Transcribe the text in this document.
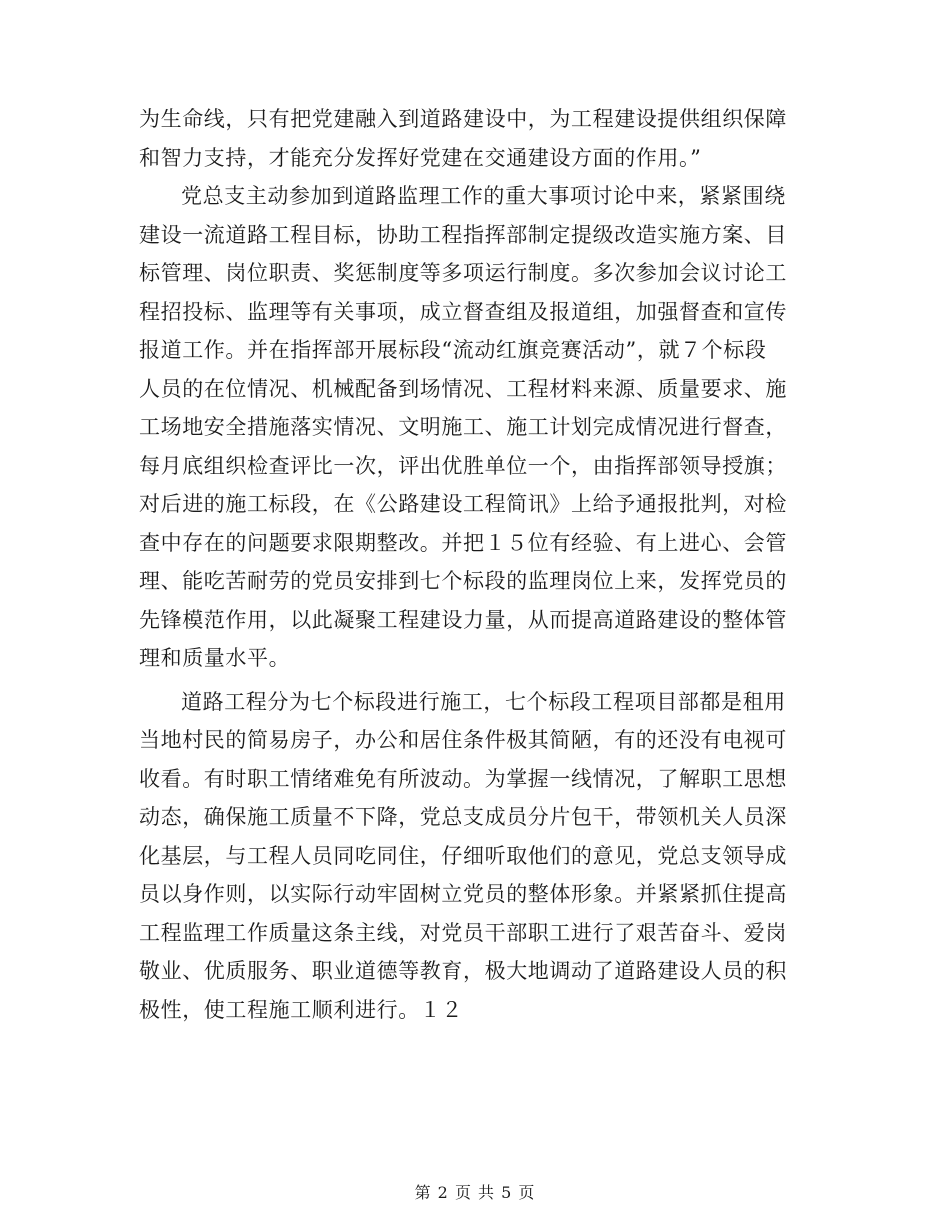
为生命线，只有把党建融入到道路建设中，为工程建设提供组织保障
和智力支持，才能充分发挥好党建在交通建设方面的作用。”
党总支主动参加到道路监理工作的重大事项讨论中来，紧紧围绕
建设一流道路工程目标，协助工程指挥部制定提级改造实施方案、目
标管理、岗位职责、奖惩制度等多项运行制度。多次参加会议讨论工
程招投标、监理等有关事项，成立督查组及报道组，加强督查和宣传
报道工作。并在指挥部开展标段“流动红旗竞赛活动”，就７个标段
人员的在位情况、机械配备到场情况、工程材料来源、质量要求、施
工场地安全措施落实情况、文明施工、施工计划完成情况进行督查，
每月底组织检查评比一次，评出优胜单位一个，由指挥部领导授旗；
对后进的施工标段，在《公路建设工程简讯》上给予通报批判，对检
查中存在的问题要求限期整改。并把１５位有经验、有上进心、会管
理、能吃苦耐劳的党员安排到七个标段的监理岗位上来，发挥党员的
先锋模范作用，以此凝聚工程建设力量，从而提高道路建设的整体管
理和质量水平。
道路工程分为七个标段进行施工，七个标段工程项目部都是租用
当地村民的简易房子，办公和居住条件极其简陋，有的还没有电视可
收看。有时职工情绪难免有所波动。为掌握一线情况，了解职工思想
动态，确保施工质量不下降，党总支成员分片包干，带领机关人员深
化基层，与工程人员同吃同住，仔细听取他们的意见，党总支领导成
员以身作则，以实际行动牢固树立党员的整体形象。并紧紧抓住提高
工程监理工作质量这条主线，对党员干部职工进行了艰苦奋斗、爱岗
敬业、优质服务、职业道德等教育，极大地调动了道路建设人员的积
极性，使工程施工顺利进行。１２
第 2 页 共 5 页
